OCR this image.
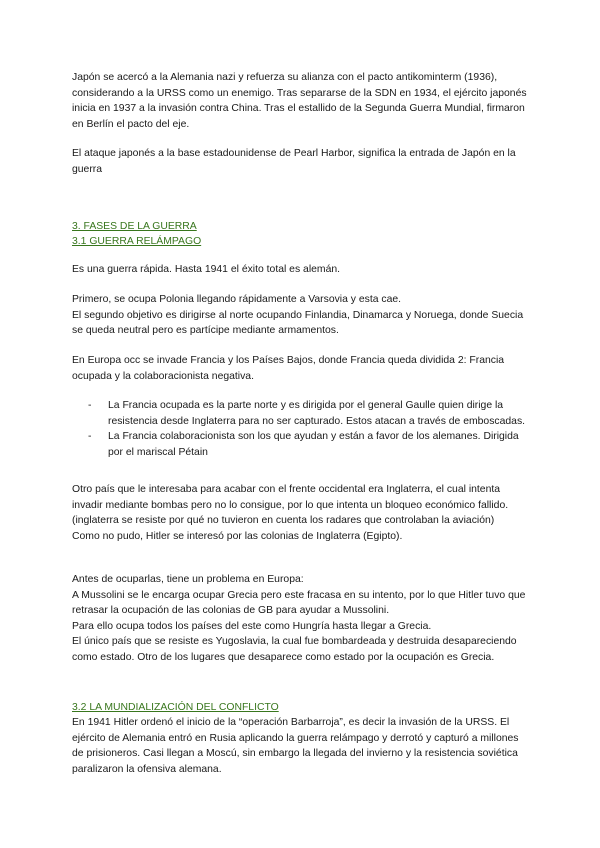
Japón se acercó a la Alemania nazi y refuerza su alianza con el pacto antikominterm (1936), considerando a la URSS como un enemigo. Tras separarse de la SDN en 1934, el ejército japonés inicia en 1937 a la invasión contra China. Tras el estallido de la Segunda Guerra Mundial, firmaron en Berlín el pacto del eje.

El ataque japonés a la base estadounidense de Pearl Harbor, significa la entrada de Japón en la guerra

3. FASES DE LA GUERRA

3.1 GUERRA RELÁMPAGO

Es una guerra rápida. Hasta 1941 el éxito total es alemán.

Primero, se ocupa Polonia llegando rápidamente a Varsovia y esta cae.
El segundo objetivo es dirigirse al norte ocupando Finlandia, Dinamarca y Noruega, donde Suecia se queda neutral pero es partícipe mediante armamentos.

En Europa occ se invade Francia y los Países Bajos, donde Francia queda dividida 2: Francia ocupada y la colaboracionista negativa.

- La Francia ocupada es la parte norte y es dirigida por el general Gaulle quien dirige la resistencia desde Inglaterra para no ser capturado. Estos atacan a través de emboscadas.
- La Francia colaboracionista son los que ayudan y están a favor de los alemanes. Dirigida por el mariscal Pétain

Otro país que le interesaba para acabar con el frente occidental era Inglaterra, el cual intenta invadir mediante bombas pero no lo consigue, por lo que intenta un bloqueo económico fallido. (inglaterra se resiste por qué no tuvieron en cuenta los radares que controlaban la aviación)
Como no pudo, Hitler se interesó por las colonias de Inglaterra (Egipto).

Antes de ocuparlas, tiene un problema en Europa:
A Mussolini se le encarga ocupar Grecia pero este fracasa en su intento, por lo que Hitler tuvo que retrasar la ocupación de las colonias de GB para ayudar a Mussolini.
Para ello ocupa todos los países del este como Hungría hasta llegar a Grecia.
El único país que se resiste es Yugoslavia, la cual fue bombardeada y destruida desapareciendo como estado. Otro de los lugares que desaparece como estado por la ocupación es Grecia.

3.2 LA MUNDIALIZACIÓN DEL CONFLICTO

En 1941 Hitler ordenó el inicio de la “operación Barbarroja”, es decir la invasión de la URSS. El ejército de Alemania entró en Rusia aplicando la guerra relámpago y derrotó y capturó a millones de prisioneros. Casi llegan a Moscú, sin embargo la llegada del invierno y la resistencia soviética paralizaron la ofensiva alemana.
